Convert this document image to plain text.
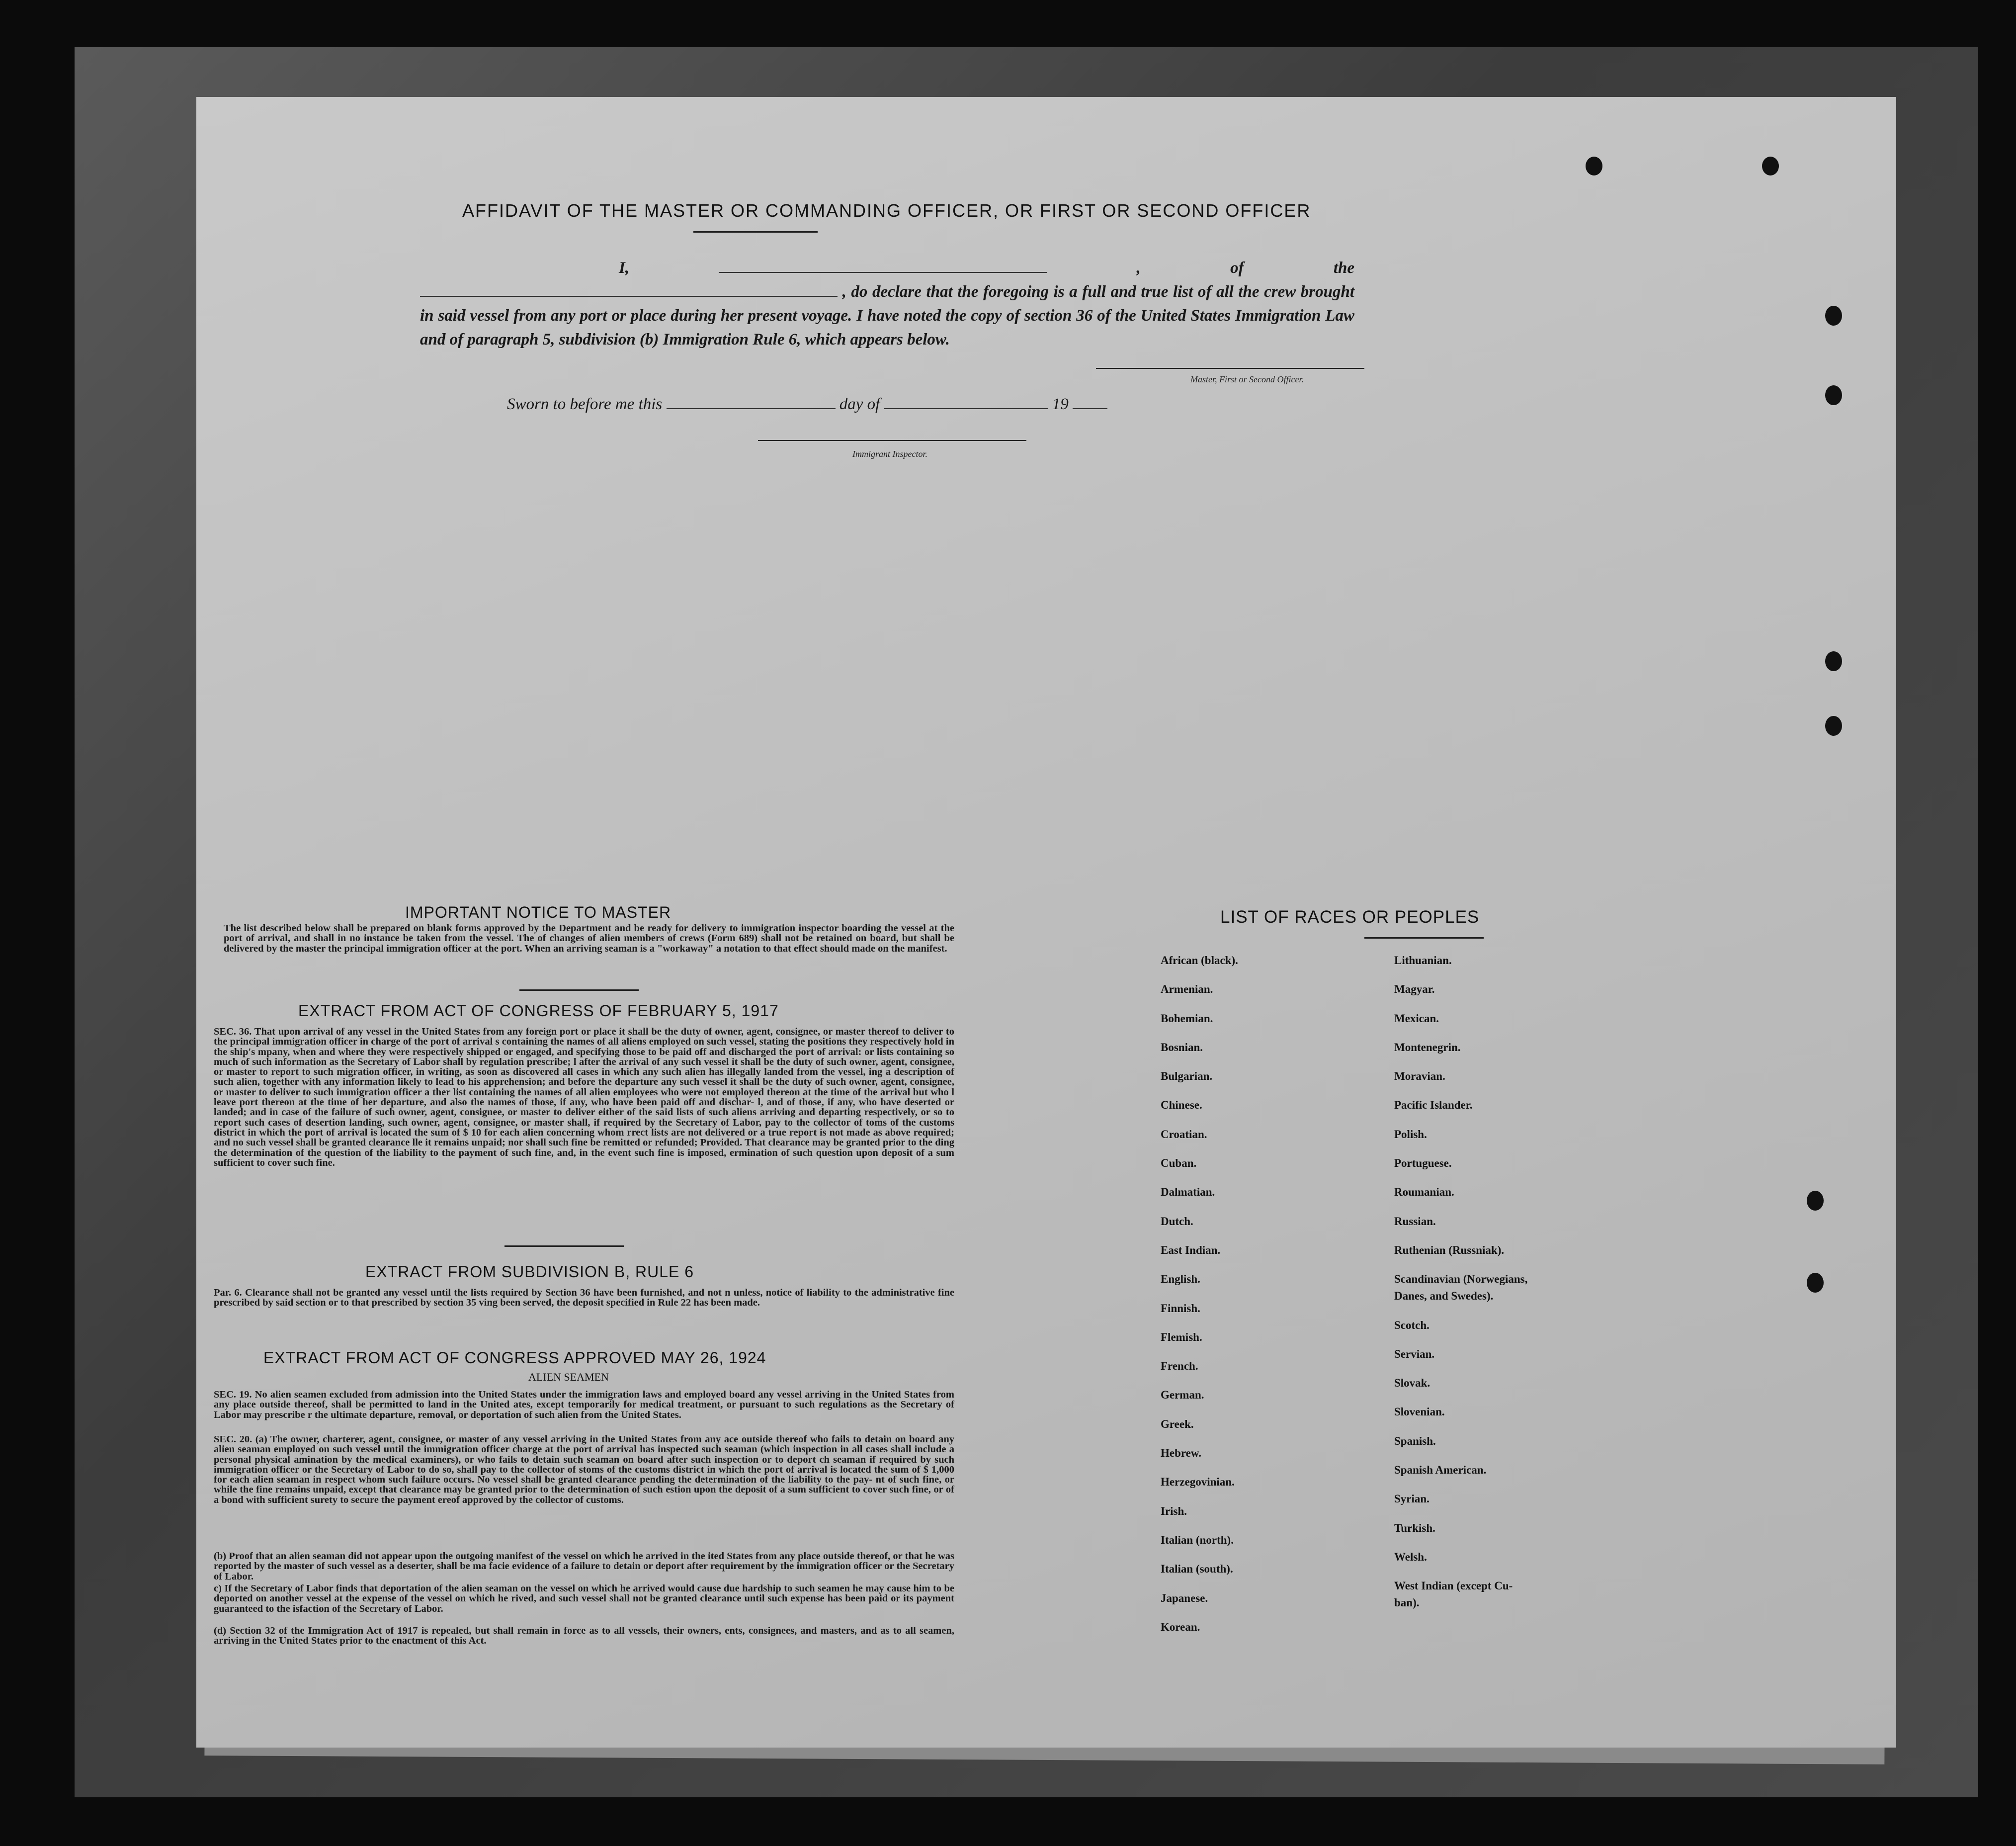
AFFIDAVIT OF THE MASTER OR COMMANDING OFFICER, OR FIRST OR SECOND OFFICER
I,	, of the  , do declare that the foregoing is a full and true list of all the crew brought in said vessel from any port or place during her present voyage. I have noted the copy of section 36 of the United States Immigration Law and of paragraph 5, subdivision (b) Immigration Rule 6, which appears below.
Master, First or Second Officer.
Sworn to before me this	day of	19
Immigrant Inspector.
IMPORTANT NOTICE TO MASTER
The list described below shall be prepared on blank forms approved by the Department and be ready for delivery to immigration inspector boarding the vessel at the port of arrival, and shall in no instance be taken from the vessel. The of changes of alien members of crews (Form 689) shall not be retained on board, but shall be delivered by the master the principal immigration officer at the port. When an arriving seaman is a "workaway" a notation to that effect should made on the manifest.
EXTRACT FROM ACT OF CONGRESS OF FEBRUARY 5, 1917
SEC. 36. That upon arrival of any vessel in the United States from any foreign port or place it shall be the duty of owner, agent, consignee, or master thereof to deliver to the principal immigration officer in charge of the port of arrival s containing the names of all aliens employed on such vessel, stating the positions they respectively hold in the ship's mpany, when and where they were respectively shipped or engaged, and specifying those to be paid off and discharged the port of arrival: or lists containing so much of such information as the Secretary of Labor shall by regulation prescribe; l after the arrival of any such vessel it shall be the duty of such owner, agent, consignee, or master to report to such migration officer, in writing, as soon as discovered all cases in which any such alien has illegally landed from the vessel, ing a description of such alien, together with any information likely to lead to his apprehension; and before the departure any such vessel it shall be the duty of such owner, agent, consignee, or master to deliver to such immigration officer a ther list containing the names of all alien employees who were not employed thereon at the time of the arrival but who l leave port thereon at the time of her departure, and also the names of those, if any, who have been paid off and dischar- l, and of those, if any, who have deserted or landed; and in case of the failure of such owner, agent, consignee, or master to deliver either of the said lists of such aliens arriving and departing respectively, or so to report such cases of desertion landing, such owner, agent, consignee, or master shall, if required by the Secretary of Labor, pay to the collector of toms of the customs district in which the port of arrival is located the sum of $ 10 for each alien concerning whom rrect lists are not delivered or a true report is not made as above required; and no such vessel shall be granted clearance lle it remains unpaid; nor shall such fine be remitted or refunded; Provided. That clearance may be granted prior to the ding the determination of the question of the liability to the payment of such fine, and, in the event such fine is imposed, ermination of such question upon deposit of a sum sufficient to cover such fine.
EXTRACT FROM SUBDIVISION B, RULE 6
Par. 6. Clearance shall not be granted any vessel until the lists required by Section 36 have been furnished, and not n unless, notice of liability to the administrative fine prescribed by said section or to that prescribed by section 35 ving been served, the deposit specified in Rule 22 has been made.
EXTRACT FROM ACT OF CONGRESS APPROVED MAY 26, 1924
ALIEN SEAMEN
SEC. 19. No alien seamen excluded from admission into the United States under the immigration laws and employed board any vessel arriving in the United States from any place outside thereof, shall be permitted to land in the United ates, except temporarily for medical treatment, or pursuant to such regulations as the Secretary of Labor may prescribe r the ultimate departure, removal, or deportation of such alien from the United States.
SEC. 20. (a) The owner, charterer, agent, consignee, or master of any vessel arriving in the United States from any ace outside thereof who fails to detain on board any alien seaman employed on such vessel until the immigration officer charge at the port of arrival has inspected such seaman (which inspection in all cases shall include a personal physical amination by the medical examiners), or who fails to detain such seaman on board after such inspection or to deport ch seaman if required by such immigration officer or the Secretary of Labor to do so, shall pay to the collector of stoms of the customs district in which the port of arrival is located the sum of $ 1,000 for each alien seaman in respect whom such failure occurs. No vessel shall be granted clearance pending the determination of the liability to the pay- nt of such fine, or while the fine remains unpaid, except that clearance may be granted prior to the determination of such estion upon the deposit of a sum sufficient to cover such fine, or of a bond with sufficient surety to secure the payment ereof approved by the collector of customs.
(b) Proof that an alien seaman did not appear upon the outgoing manifest of the vessel on which he arrived in the ited States from any place outside thereof, or that he was reported by the master of such vessel as a deserter, shall be ma facie evidence of a failure to detain or deport after requirement by the immigration officer or the Secretary of Labor.
c) If the Secretary of Labor finds that deportation of the alien seaman on the vessel on which he arrived would cause due hardship to such seamen he may cause him to be deported on another vessel at the expense of the vessel on which he rived, and such vessel shall not be granted clearance until such expense has been paid or its payment guaranteed to the isfaction of the Secretary of Labor.
(d) Section 32 of the Immigration Act of 1917 is repealed, but shall remain in force as to all vessels, their owners, ents, consignees, and masters, and as to all seamen, arriving in the United States prior to the enactment of this Act.
LIST OF RACES OR PEOPLES
African (black).
Armenian.
Bohemian.
Bosnian.
Bulgarian.
Chinese.
Croatian.
Cuban.
Dalmatian.
Dutch.
East Indian.
English.
Finnish.
Flemish.
French.
German.
Greek.
Hebrew.
Herzegovinian.
Irish.
Italian (north).
Italian (south).
Japanese.
Korean.
Lithuanian.
Magyar.
Mexican.
Montenegrin.
Moravian.
Pacific Islander.
Polish.
Portuguese.
Roumanian.
Russian.
Ruthenian (Russniak).
Scandinavian (Norwegians,
Danes, and Swedes).
Scotch.
Servian.
Slovak.
Slovenian.
Spanish.
Spanish American.
Syrian.
Turkish.
Welsh.
West Indian (except Cu-
ban).
